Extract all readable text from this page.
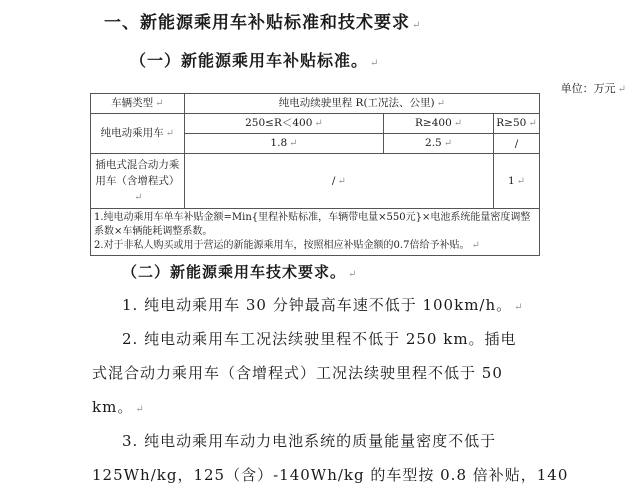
一、新能源乘用车补贴标准和技术要求 ↵
（一）新能源乘用车补贴标准。 ↵
单位：万元 ↵
车辆类型 ↵	纯电动续驶里程 R(工况法、公里) ↵		
纯电动乘用车 ↵	250≤R＜400 ↵	R≥400 ↵	R≥50 ↵
	1.8 ↵	2.5 ↵	/
插电式混合动力乘用车（含增程式）↵	/ ↵		1 ↵

1.纯电动乘用车单车补贴金额=Min{里程补贴标准，车辆带电量×550元}×电池系统能量密度调整系数×车辆能耗调整系数。
2.对于非私人购买或用于营运的新能源乘用车，按照相应补贴金额的0.7倍给予补贴。 ↵			
（二）新能源乘用车技术要求。 ↵
1. 纯电动乘用车 30 分钟最高车速不低于 100km/h。 ↵
2. 纯电动乘用车工况法续驶里程不低于 250 km。插电
式混合动力乘用车（含增程式）工况法续驶里程不低于 50
km。 ↵
3. 纯电动乘用车动力电池系统的质量能量密度不低于
125Wh/kg，125（含）-140Wh/kg 的车型按 0.8 倍补贴，140
